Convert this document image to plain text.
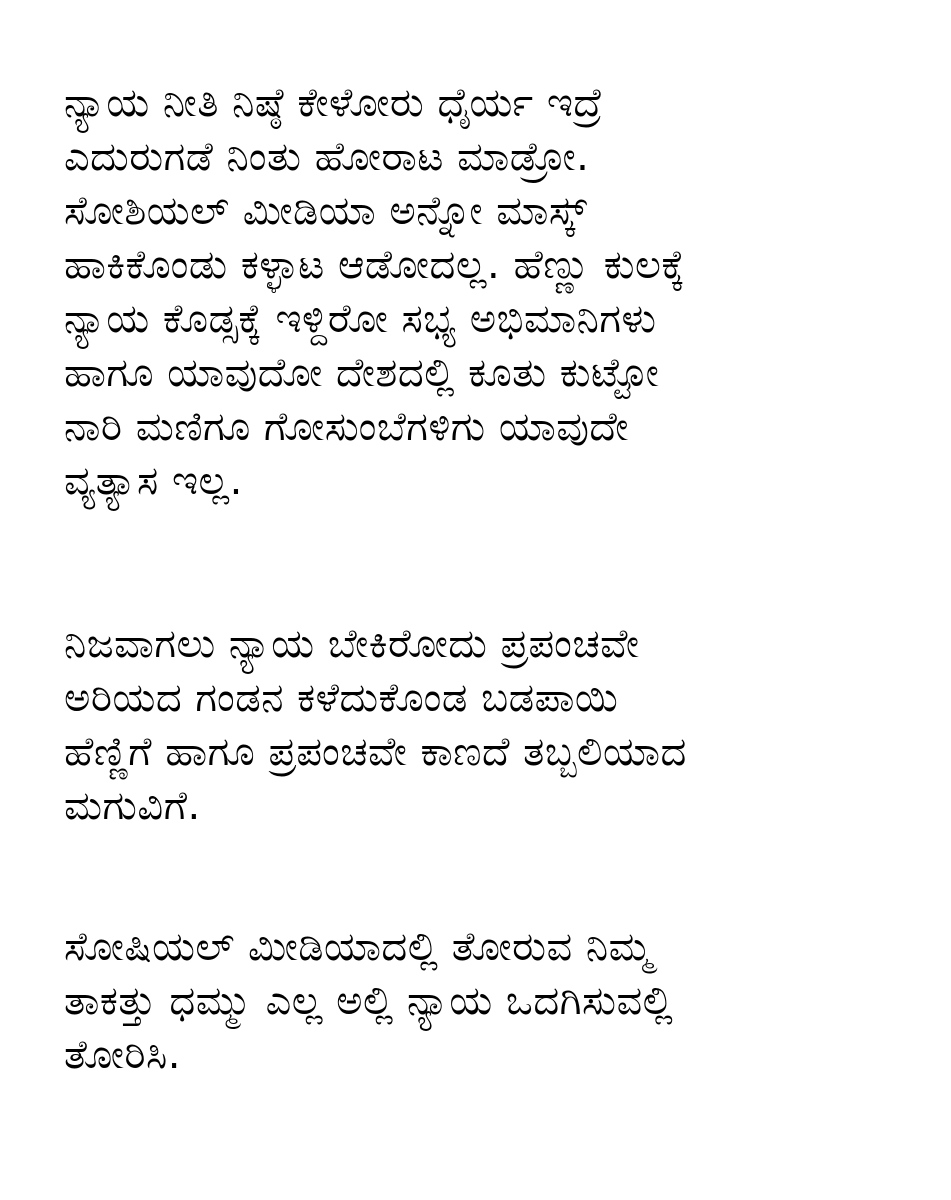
ನ್ಯಾಯ ನೀತಿ ನಿಷ್ಠೆ ಕೇಳೋರು ಧೈರ್ಯ ಇದ್ರೆ
ಎದುರುಗಡೆ ನಿಂತು ಹೋರಾಟ ಮಾಡ್ರೋ.
ಸೋಶಿಯಲ್ ಮೀಡಿಯಾ ಅನ್ನೋ ಮಾಸ್ಕ್
ಹಾಕಿಕೊಂಡು ಕಳ್ಳಾಟ ಆಡೋದಲ್ಲ. ಹೆಣ್ಣು ಕುಲಕ್ಕೆ
ನ್ಯಾಯ ಕೊಡ್ಸಕ್ಕೆ ಇಳ್ದಿರೋ ಸಭ್ಯ ಅಭಿಮಾನಿಗಳು
ಹಾಗೂ ಯಾವುದೋ ದೇಶದಲ್ಲಿ ಕೂತು ಕುಟ್ಟೋ
ನಾರಿ ಮಣಿಗೂ ಗೋಸುಂಬೆಗಳಿಗು ಯಾವುದೇ
ವ್ಯತ್ಯಾಸ ಇಲ್ಲ.
ನಿಜವಾಗಲು ನ್ಯಾಯ ಬೇಕಿರೋದು ಪ್ರಪಂಚವೇ
ಅರಿಯದ ಗಂಡನ ಕಳೆದುಕೊಂಡ ಬಡಪಾಯಿ
ಹೆಣ್ಣಿಗೆ ಹಾಗೂ ಪ್ರಪಂಚವೇ ಕಾಣದೆ ತಬ್ಬಲಿಯಾದ
ಮಗುವಿಗೆ.
ಸೋಷಿಯಲ್ ಮೀಡಿಯಾದಲ್ಲಿ ತೋರುವ ನಿಮ್ಮ
ತಾಕತ್ತು ಧಮ್ಮು ಎಲ್ಲ ಅಲ್ಲಿ ನ್ಯಾಯ ಒದಗಿಸುವಲ್ಲಿ
ತೋರಿಸಿ.
